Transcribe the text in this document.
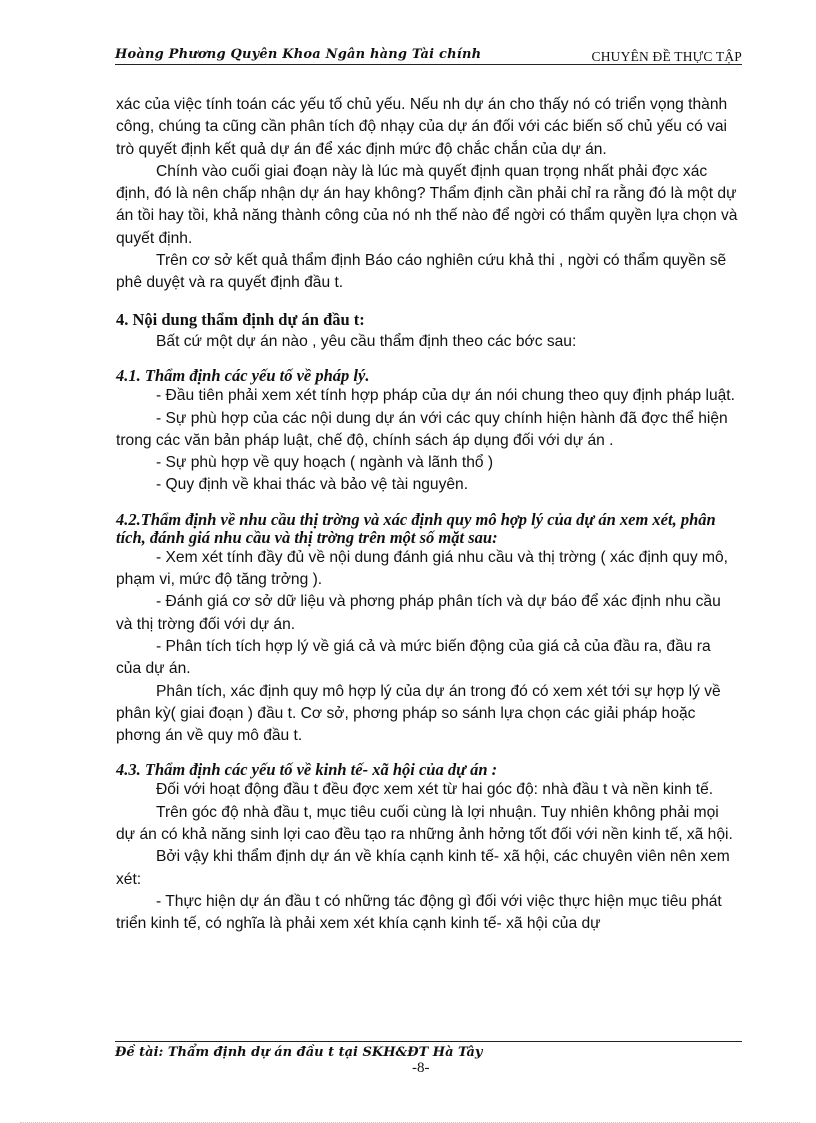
Hoàng Phương Quyên Khoa Ngân hàng Tài chính	CHUYÊN ĐỀ THỰC TẬP

xác của việc tính toán các yếu tố chủ yếu. Nếu nh dự án cho thấy nó có triển vọng thành công, chúng ta cũng cần phân tích độ nhạy của dự án đối với các biến số chủ yếu có vai trò quyết định kết quả dự án để xác định mức độ chắc chắn của dự án.

Chính vào cuối giai đoạn này là lúc mà quyết định quan trọng nhất phải đợc xác định, đó là nên chấp nhận dự án hay không? Thẩm định cần phải chỉ ra rằng đó là một dự án tồi hay tồi, khả năng thành công của nó nh thế nào để ngời có thẩm quyền lựa chọn và quyết định.

Trên cơ sở kết quả thẩm định Báo cáo nghiên cứu khả thi , ngời có thẩm quyền sẽ phê duyệt và ra quyết định đầu t.

4. Nội dung thẩm định dự án đầu t:

Bất cứ một dự án nào , yêu cầu thẩm định theo các bớc sau:

4.1. Thẩm định các yếu tố về pháp lý.

- Đầu tiên phải xem xét tính hợp pháp của dự án nói chung theo quy định pháp luật.

- Sự phù hợp của các nội dung dự án với các quy chính hiện hành đã đợc thể hiện trong các văn bản pháp luật, chế độ, chính sách áp dụng đối với dự án .

- Sự phù hợp về quy hoạch ( ngành và lãnh thổ )

- Quy định về khai thác và bảo vệ tài nguyên.

4.2.Thẩm định về nhu cầu thị trờng và xác định quy mô hợp lý của dự án xem xét, phân tích, đánh giá nhu cầu và thị trờng trên một số mặt sau:

- Xem xét tính đầy đủ về nội dung đánh giá nhu cầu và thị trờng ( xác định quy mô, phạm vi, mức độ tăng trởng ).

- Đánh giá cơ sở dữ liệu và phơng pháp phân tích và dự báo để xác định nhu cầu và thị trờng đối với dự án.

- Phân tích tích hợp lý về giá cả và mức biến động của giá cả của đầu ra, đầu ra của dự án.

Phân tích, xác định quy mô hợp lý của dự án trong đó có xem xét tới sự hợp lý về phân kỳ( giai đoạn ) đầu t. Cơ sở, phơng pháp so sánh lựa chọn các giải pháp hoặc phơng án về quy mô đầu t.

4.3. Thẩm định các yếu tố về kinh tế- xã hội của dự án :

Đối với hoạt động đầu t đều đợc xem xét từ hai góc độ: nhà đầu t và nền kinh tế.

Trên góc độ nhà đầu t, mục tiêu cuối cùng là lợi nhuận. Tuy nhiên không phải mọi dự án có khả năng sinh lợi cao đều tạo ra những ảnh hởng tốt đối với nền kinh tế, xã hội.

Bởi vậy khi thẩm định dự án về khía cạnh kinh tế- xã hội, các chuyên viên nên xem xét:

- Thực hiện dự án đầu t có những tác động gì đối với việc thực hiện mục tiêu phát triển kinh tế, có nghĩa là phải xem xét khía cạnh kinh tế- xã hội của dự

Đề tài: Thẩm định dự án đầu t tại SKH&ĐT Hà Tây
-8-
